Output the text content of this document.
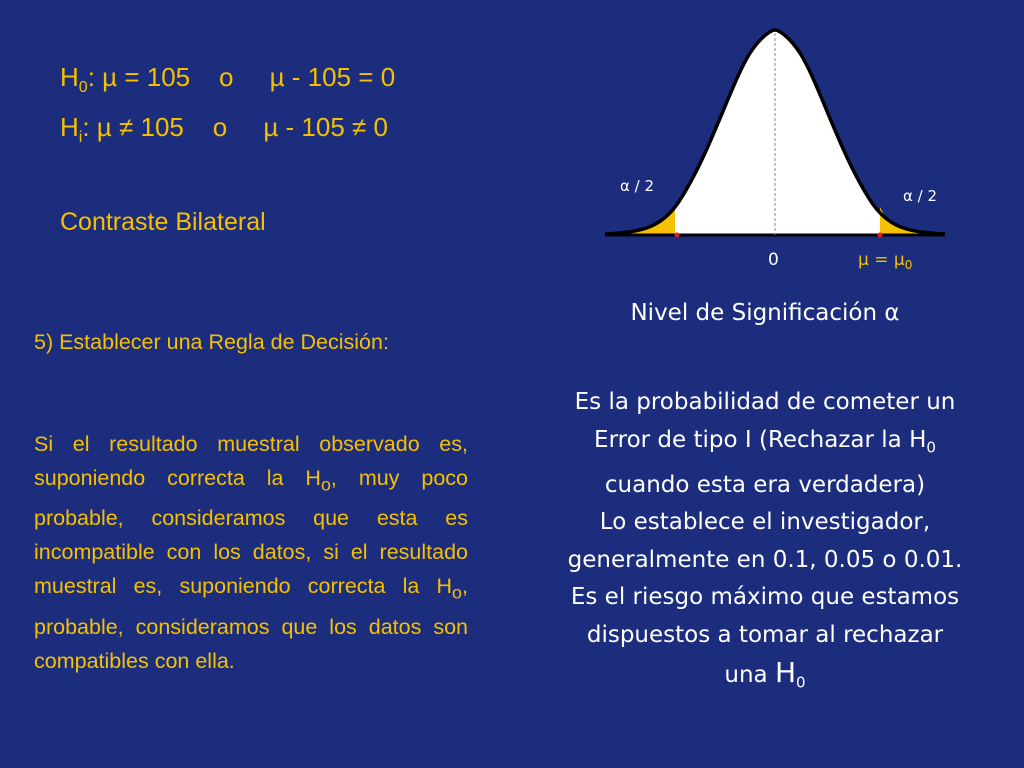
$H_0$: µ = 105    o     µ - 105 = 0
$H_i$: µ ≠ 105    o     µ - 105 ≠ 0
Contraste Bilateral
5) Establecer una Regla de Decisión:
Si el resultado muestral observado es, suponiendo correcta la $H_o$, muy poco probable, consideramos que esta es incompatible con los datos, si el resultado muestral es, suponiendo correcta la $H_o$, probable, consideramos que los datos son compatibles con ella.
α / 2
α / 2
0	µ = µ$_0$
Nivel de Significación α
Es la probabilidad de cometer un
Error de tipo I (Rechazar la $H_0$
cuando esta era verdadera)
Lo establece el investigador,
generalmente en 0.1, 0.05 o 0.01.
Es el riesgo máximo que estamos
dispuestos a tomar al rechazar
una $H_0$
